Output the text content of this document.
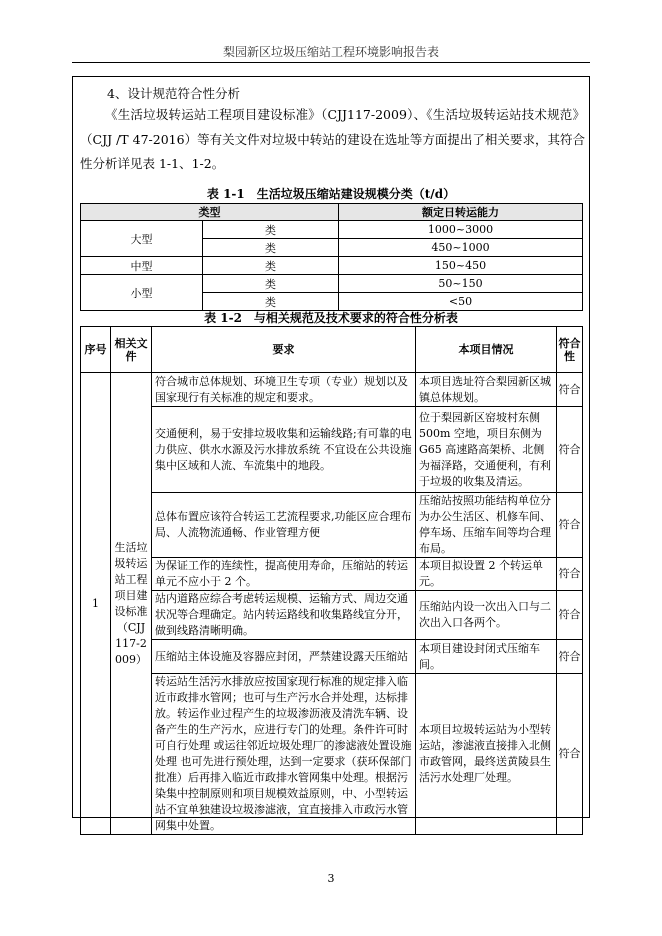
梨园新区垃圾压缩站工程环境影响报告表
4、设计规范符合性分析
《生活垃圾转运站工程项目建设标准》（CJJ117-2009）、《生活垃圾转运站技术规范》（CJJ /T 47-2016）等有关文件对垃圾中转站的建设在选址等方面提出了相关要求，其符合性分析详见表 1-1、1-2。
表 1-1　生活垃圾压缩站建设规模分类（t/d）
类型		额定日转运能力
大型	类	1000~3000
	类	450~1000
中型	类	150~450
小型	类	50~150
	类	<50
表 1-2　与相关规范及技术要求的符合性分析表
序号	相关文件	要求	本项目情况	符合性
1	生活垃圾转运站工程项目建设标准（CJJ 117-2 009）	符合城市总体规划、环境卫生专项（专业）规划以及国家现行有关标准的规定和要求。	本项目选址符合梨园新区城镇总体规划。	符合
		交通便利，易于安排垃圾收集和运输线路;有可靠的电力供应、供水水源及污水排放系统 不宜设在公共设施集中区域和人流、车流集中的地段。	位于梨园新区窑坡村东侧500m 空地，项目东侧为G65 高速路高架桥、北侧为福泽路，交通便利，有利于垃圾的收集及清运。	符合
		总体布置应该符合转运工艺流程要求,功能区应合理布局、人流物流通畅、作业管理方便	压缩站按照功能结构单位分为办公生活区、机修车间、停车场、压缩车间等均合理布局。	符合
		为保证工作的连续性，提高使用寿命，压缩站的转运单元不应小于 2 个。	本项目拟设置 2 个转运单元。	符合
		站内道路应综合考虑转运规模、运输方式、周边交通状况等合理确定。站内转运路线和收集路线宜分开，做到线路清晰明确。	压缩站内设一次出入口与二次出入口各两个。	符合
		压缩站主体设施及容器应封闭，严禁建设露天压缩站	本项目建设封闭式压缩车间。	符合
		转运站生活污水排放应按国家现行标准的规定排入临近市政排水管网；也可与生产污水合并处理，达标排放。转运作业过程产生的垃圾渗沥液及清洗车辆、设备产生的生产污水，应进行专门的处理。条件许可时可自行处理 或运往邻近垃圾处理厂的渗滤液处置设施处理 也可先进行预处理，达到一定要求（获环保部门批准）后再排入临近市政排水管网集中处理。根据污染集中控制原则和项目规模效益原则，中、小型转运站不宜单独建设垃圾渗滤液，宜直接排入市政污水管网集中处置。	本项目垃圾转运站为小型转运站，渗滤液直接排入北侧市政管网，最终送黄陵县生活污水处理厂处理。	符合
3
